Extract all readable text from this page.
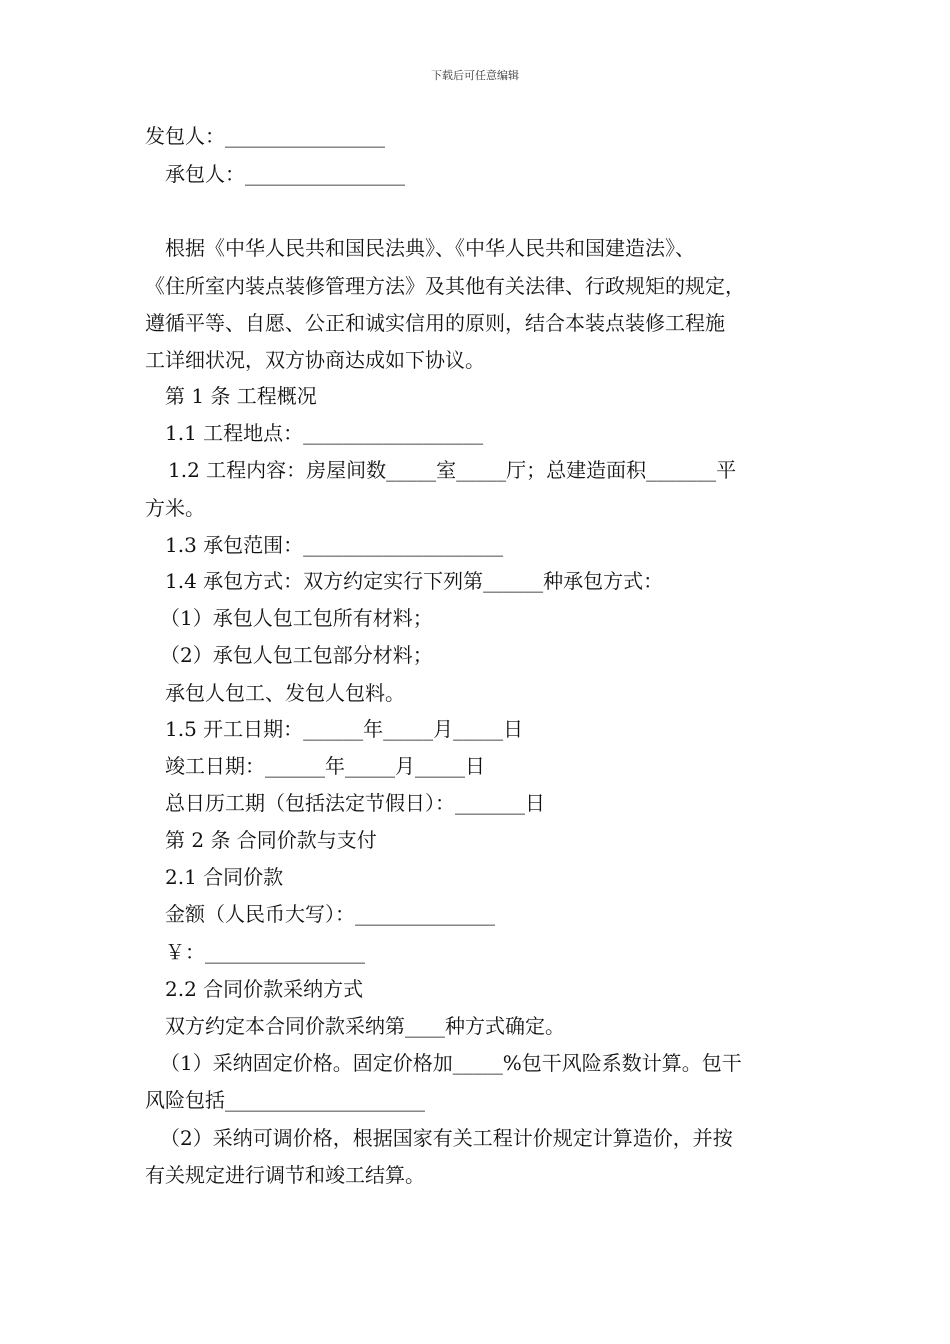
下载后可任意编辑
发包人：________________
承包人：________________
根据《中华人民共和国民法典》、《中华人民共和国建造法》、
《住所室内装点装修管理方法》及其他有关法律、行政规矩的规定，
遵循平等、自愿、公正和诚实信用的原则，结合本装点装修工程施
工详细状况，双方协商达成如下协议。
第 1 条 工程概况
1.1 工程地点：__________________
1.2 工程内容：房屋间数_____室_____厅；总建造面积_______平
方米。
1.3 承包范围：____________________
1.4 承包方式：双方约定实行下列第______种承包方式：
（1）承包人包工包所有材料；
（2）承包人包工包部分材料；
承包人包工、发包人包料。
1.5 开工日期：______年_____月_____日
竣工日期：______年_____月_____日
总日历工期（包括法定节假日）：_______日
第 2 条 合同价款与支付
2.1 合同价款
金额（人民币大写）：______________
￥：________________
2.2 合同价款采纳方式
双方约定本合同价款采纳第____种方式确定。
（1）采纳固定价格。固定价格加_____%包干风险系数计算。包干
风险包括____________________
（2）采纳可调价格，根据国家有关工程计价规定计算造价，并按
有关规定进行调节和竣工结算。
